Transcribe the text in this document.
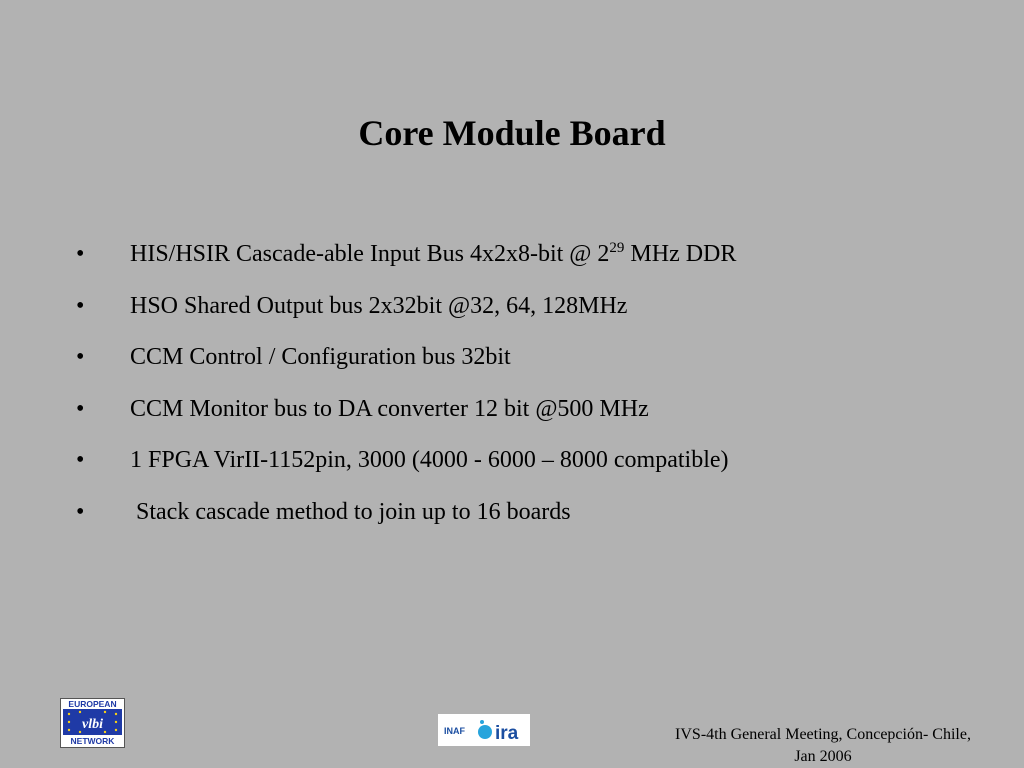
Core Module Board
• HIS/HSIR Cascade-able Input Bus 4x2x8-bit @ $2^{29}$ MHz DDR
• HSO Shared Output bus 2x32bit @32, 64, 128MHz
• CCM Control / Configuration bus 32bit
• CCM Monitor bus to DA converter 12 bit @500 MHz
• 1 FPGA VirII-1152pin, 3000 (4000 - 6000 – 8000 compatible)
• Stack cascade method to join up to 16 boards
EUROPEAN
vlbi
NETWORK
INAF ira	IVS-4th General Meeting, Concepción- Chile,
Jan 2006
